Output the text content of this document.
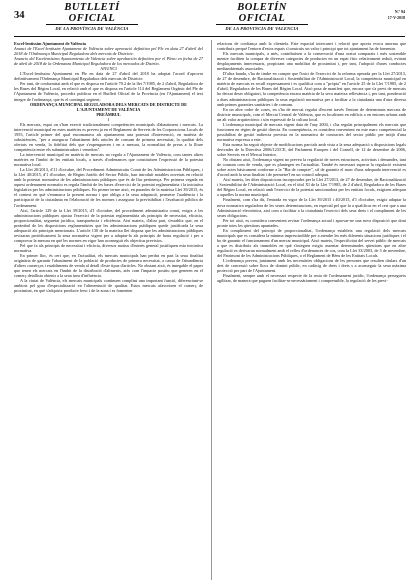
34
BUTLLETÍ OFICIAL
DE LA PROVÍNCIA DE VALÈNCIA
BOLETÍN OFICIAL
DE LA PROVINCIA DE VALENCIA
N.º 94
17-V-2018

Excel·lentíssim Ajuntament de València

Anunci de l'Excel·lentíssim Ajuntament de València sobre aprovació definitiva pel Ple en data 27 d'abril del 2018 de l'Ordenança Municipal Reguladora dels mercats de Districte.

Anuncio del Excelentísimo Ayuntamiento de Valencia sobre aprobación definitiva por el Pleno en fecha de 27 de abril de 2018 de la Ordenanza Municipal Reguladora de los mercados de Distrito.

ANUNCI

L'Excel·lentíssim Ajuntament en Ple en data de 27 d'abril del 2018 ha adoptat l'acord d'aprovar definitivament l'Ordenança Municipal Reguladora dels mercats de Districte.

Per tant, de conformitat amb el que es disposa en l'article 70.2 de la llei 7/1985, de 2 d'abril, Reguladora de les Bases del Règim Local, en relació amb el que es disposa en l'article 114 del Reglament Orgànic del Ple de l'Ajuntament de València, procedix publicar en el Butlletí Oficial de la Província (en l'Ajuntament) el text íntegre de l'ordenança, que és el contingut següent:

ORDENANÇA MUNICIPAL REGULADORA DELS MERCATS DE DISTRICTE DE L'AJUNTAMENT DE VALÈNCIA

PREÀMBUL

I

Els mercats, espai on s'han exercit tradicionalment competències municipals d'abastiment i mercats. La intervenció municipal en estes matèries es preveu ja en el Reglament de Serveis de les Corporacions Locals de 1955, l'article primer del qual encomanava als ajuntaments una potestat d'intervenció, en matèria de subsistències, "per a assegurar l'abastiment dels articles de consum de primera necessitat, la qualitat dels ofertats en venda, la fidelitat dels que s'expengueren i en a mesura, la normalitat de preus a la lliure competència entre els subministradors i venedors".

La intervenció municipal en matèria de mercats no regula a l'Ajuntament de València, com tantes altres matèries en l'àmbit de les entitats locals, a través d'ordenances que constituïxen l'expressió de la potestat normativa local.

La Llei 20/2013, d'11 d'octubre, del Procediment Administratiu Comú de les Administracions Públiques, i la Llei 40/2015, d'1 d'octubre, de Règim Jurídic del Sector Públic, han introduït notables novetats en relació amb la potestat normativa de les administracions públiques que és de llur pertinença. Per primera vegada en aquest ordenament normatiu es regula l'àmbit de les bases d'exercici de la potestat reglamentària i la iniciativa legislativa per les administracions públiques. En primer terme això, en paraules de la mateixa Llei 39/2015, és el context en què s'emmarca la present norma i que obliga a la seua adaptació, permetre l'audiència i la participació de la ciutadania en l'elaboració de les normes i assegurar la previsibilitat i l'avaluació pública de l'ordenament.

Així, l'article 129 de la Llei 39/2015, d'1 d'octubre, del procediment administratiu comú, exigix a les administracions públiques ajustar l'exercici de la potestat reglamentària als principis de necessitat, eficàcia, proporcionalitat, seguretat jurídica, transparència i eficiència. Així mateix, d'altra part, s'establix que, en el preàmbul de les disposicions reglamentàries que les administracions publiquen quede justificada la seua adequació als principis mencionats. L'article 130 de la mateixa llei disposa que les administracions públiques revisaran periòdicament la seua normativa vigent per a adaptar-la als principis de bona regulació i per a comprovar la mesura en què les normes en vigor han aconseguit els objectius previstos.

Pel que fa als principis de necessitat i eficàcia, diversos motius d'interès general justifiquen esta iniciativa normativa.

En primer lloc, és cert que, en l'actualitat, els mercats municipals han perdut en part la seua finalitat originària de garantir l'abastiment de la població de productes de primera necessitat, a causa de l'abundància d'altres comerços i establiments de venda al detall d'este tipus d'articles. No obstant això, és innegable el paper que tenen els mercats en l'àmbit de la distribució d'aliments, atès com l'impacte positiu que generen en el comerç detallista obtenir a la seua àrea d'influència.

A la ciutat de València, els mercats municipals continuen complint una important funció, diferenciant-se ambtots pel grau d'especialització en l'alimentació de qualitat. Estos mercats afavorixen el comerç de proximitat, en què s'adquirix producte fresc i de la zona i es fomenten

relacions de confiança amb la clientela. Este espacial intercanvi i relació que aporta evoca anorma que contribuïx perquè l'entorn d'estos espais s'construïx un valor i principi que tot ajuntament ha de fomentar.

Els mercats municipals, a més, contribuïxen a la conservació d'una oratut comparats i més sostenible mentre faciliten la compra de diverses categories de productes en un espai físic relativament reduït, evitant desplaçaments innecessaris, propiciant una mobilitat de proximitat i, per tant, l'adopció d'unes conductes mediambientals associades.

D'altra banda, s'ha de tindre en compte que l'inici de l'exercici de la reforma operada per la Llei 27/2013, de 27 de desembre, de Racionalització i Sostenibilitat de l'Administració Local, la competència municipal en matèria de mercats es recull expressament i es qualifica com a "pròpia" en l'article 25 de la Llei 7/1985, de 2 d'abril, Reguladora de les Bases del Règim Local. Això posa de manifest que, encara que s'a previ de mercats ho deixat deser obligatori, la competència encara matèria de la seva mateixa rellevància i, per tant, ponderació a dues administracions públiques la seua regulació normativa per a facilitar a la ciutadania una d'atra diversa amb primes garanties sanitàries i de consum.

En un altre ordre de coses, en s'ha de mercat regulat d'escent través l'entorn de determinats mercats de districte municipals, com el Mercat Central de València, que es localitzen en edificis o en entorns urbans amb un alt valor arquitectònic i són expressió de la cultura local.

L'ordenança municipal de mercats vigent data de l'any 2004, i s'ha regulat principalment els mercats que funcionen en règim de gestió directa. En conseqüència, es considera convenient en este marc competencial la possibilitat de gestió indirecta prevista en la normativa de contractes del sector públic per mitjà d'una normativa expressa a este.

Esta norma ha seguit objecte de modificacions parcials amb vista a la seua adequació a disposicions legals derivades de la Directiva 2006/123/CE, del Parlament Europeu i del Consell, de 12 de desembre de 2006, sobre Serveis en el Mercat Interior.

No obstant això, l'ordenança vigent no preveu la regulació de noves estructures, activitats i demandes, tant de consum com de venda, que es plantegen en l'actualitat. També és necessari superar la regulació existent sobre actes bàsicament conforme a la "Bia de compter", sif de garantir el marc d'una adequada intervenció es d'acord amb la seua finalitat i de permetre'l en un control adequat.

Així mateix, les dites disposicions incorporades per la Llei 27/2013, de 27 de desembre, de Racionalització i Sostenibilitat de l'Administració Local, en el títol XI de la Llei 7/1985, de 2 d'abril, Reguladora de les Bases del Règim Local, en relació amb l'exercici de la potestat sancionadora per les entitats locals, exigixen adequar a aquelles la norma municipal.

Finalment, com s'ha dit, l'entrada en vigor de la Llei 39/2015 i 40/2015, d'1 d'octubre, exigix adaptar la nova normativa reguladora de les seues determinacions, en especial pel que fa a qualificar en el cert que a una Administració electrònica, així com a facilitar a la ciutadania l'exercici dels seus drets i el compliment de les seues obligacions.

Per tot això, es considera convenient revisar l'ordenança actual i aprovar-ne una nova disposició que doni pronte totes les qüestions apuntades.

En compliment del principi de proporcionalitat, l'ordenança estableix una regulació dels mercats municipals que es considera la mínima imprescindible per a atendre les més diferents situacions jurídiques i el bo de garantir el funcionament d'un mercat municipal. Això mateix, l'especificitat del servei públic de mercats a que es distribuïx als immobles en què s'integren exigix assentar determinades qüestions que en altre regulació es derivaran normalment amb el reflex d'ordenances de cos, com la Llei 33/2003, de 3 de novembre, del Patrimoni de les Administracions Públiques, o el Reglament de Béns de les Entitats Locals.

L'ordenança preveu, juntament amb les necessàries obligacions de les persones que resulten titulars d'un dret de concessió sobre llocs de domini públic, en cadàcig de drets i drets s a aconseguir la seua màxima protecció per part de l'Ajuntament.

Finalment, sempre amb el necessari respecte de la resta de l'ordenament jurídic, l'ordenança persegueix agilitzar, de manera que puguen facilitar-se necessàriament i comprensible, la regulació de les previ-
